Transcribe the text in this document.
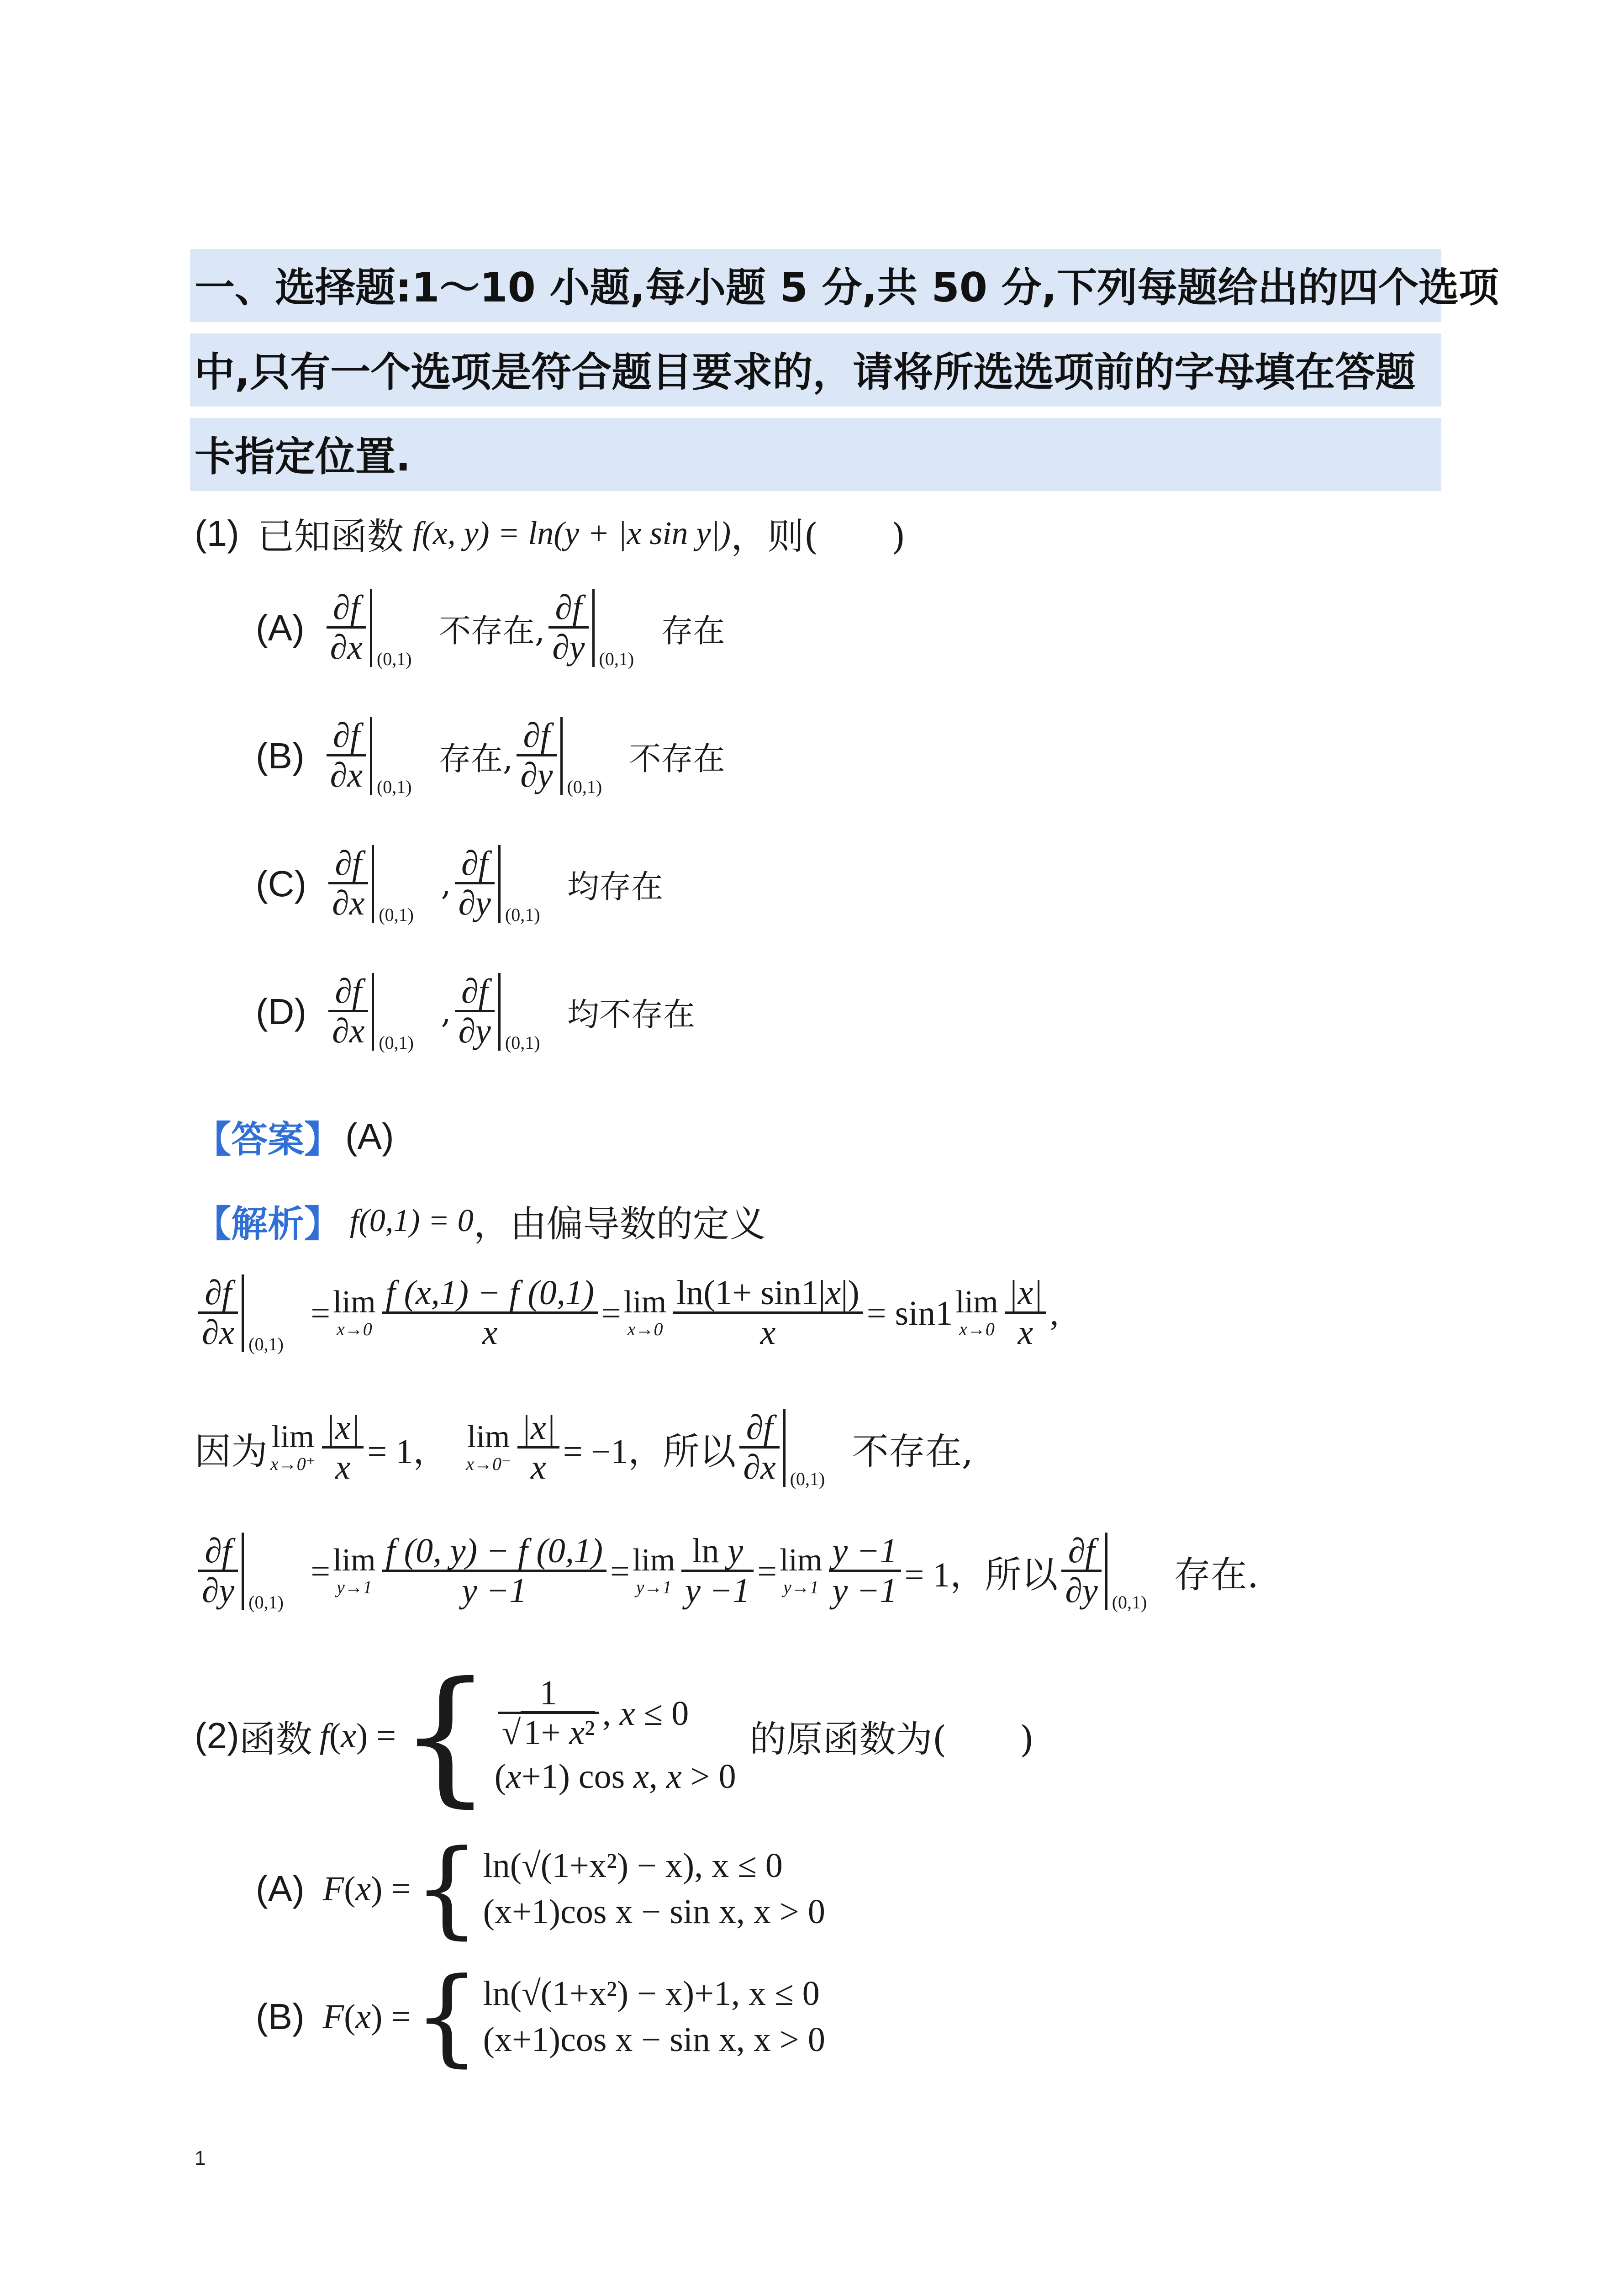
一、选择题:1～10 小题,每小题 5 分,共 50 分,下列每题给出的四个选项
中,只有一个选项是符合题目要求的，请将所选选项前的字母填在答题
卡指定位置.
(1) 已知函数 f(x, y) = ln(y + |x sin y|) ，则(　　)
$(A) \frac{\partial f}{\partial x} (0,1)$
不存在, $\frac{\partial f}{\partial y} (0,1)$
存在
$(B) \frac{\partial f}{\partial x} (0,1)$
存在, $\frac{\partial f}{\partial y} (0,1)$
不存在
$(C) \frac{\partial f}{\partial x} (0,1)$
, $\frac{\partial f}{\partial y} (0,1)$
均存在
$(D) \frac{\partial f}{\partial x} (0,1)$
, $\frac{\partial f}{\partial y} (0,1)$
均不存在
【答案】 (A)
【解析】 f(0,1) = 0 ，由偏导数的定义
$\frac{\partial f}{\partial x} (0,1)$
= lim
$x\to 0 \frac{f (x,1) - f (0,1)}{x} = \lim$
$x\to 0 \frac{\ln(1+ \sin 1|x|)}{x} = \sin 1$ lim
$x\to 0 \frac{|x|}{x}$ ,
因为 lim
$x\to 0^+ \frac{|x|}{x} = 1$， lim
$x\to 0^- \frac{|x|}{x} = -1$， 所以 $\frac{\partial f}{\partial x} (0,1)$
不存在,
$\frac{\partial f}{\partial y} (0,1)$
= lim
$y\to 1 \frac{f (0, y) - f (0,1)}{y -1} = \lim$
$y\to 1 \frac{\text{ln y}}{y -1} = \lim$
$y\to 1 \frac{y -1}{y -1} = 1$， 所以 $\frac{\partial f}{\partial y} (0,1)$
存在.
(2) 函数 f ( x ) = { $\frac{1}{\text{√1+ x²}}$ , x ≤ 0
(x+1) cos x, x > 0
的原函数为(　　)
(A) F ( x ) = { ln(√(1+x²) − x), x ≤ 0
(x+1)cos x − sin x, x > 0
(B) F ( x ) = { ln(√(1+x²) − x)+1, x ≤ 0
(x+1)cos x − sin x, x > 0
1
